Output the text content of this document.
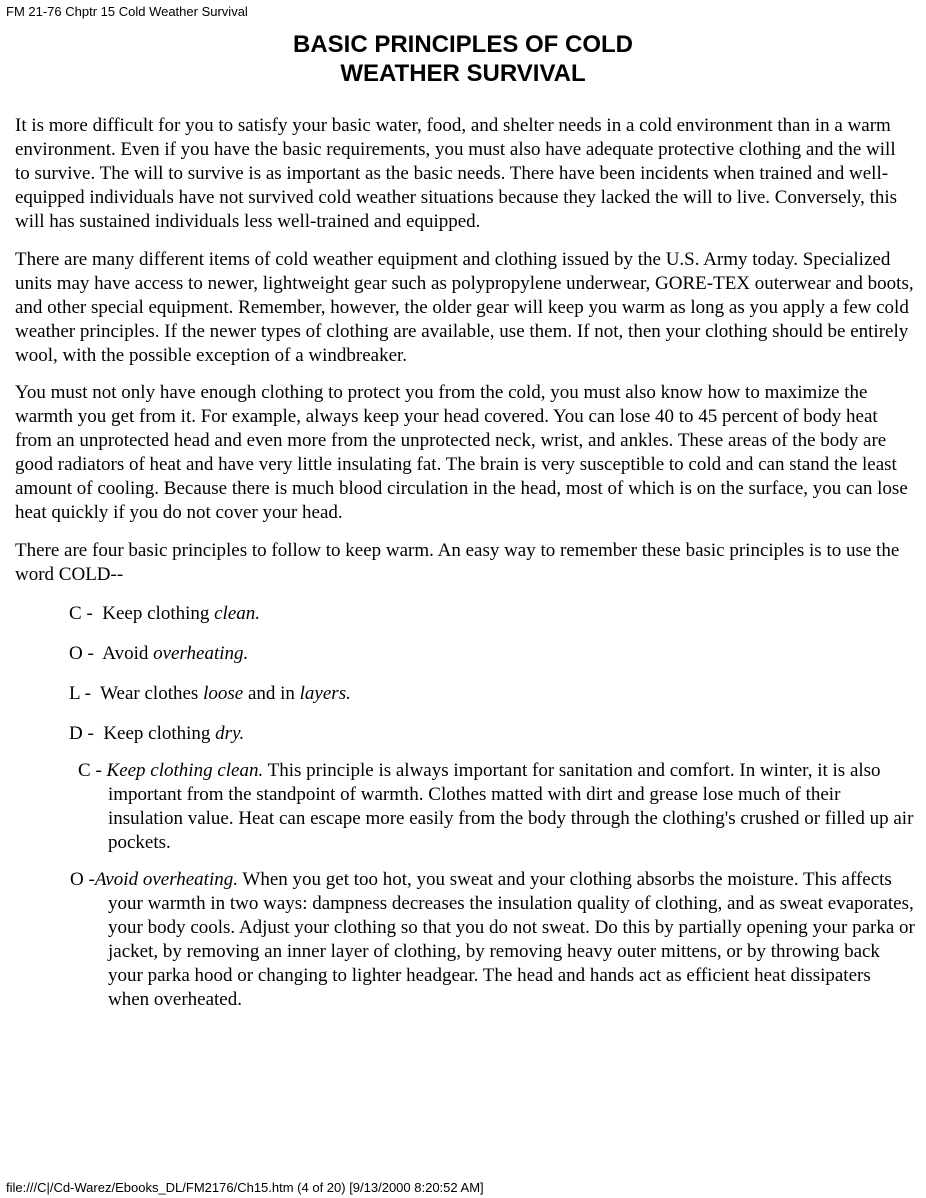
FM 21-76 Chptr 15 Cold Weather Survival
BASIC PRINCIPLES OF COLD
WEATHER SURVIVAL

It is more difficult for you to satisfy your basic water, food, and shelter needs in a cold environment than in a warm environment. Even if you have the basic requirements, you must also have adequate protective clothing and the will to survive. The will to survive is as important as the basic needs. There have been incidents when trained and well-equipped individuals have not survived cold weather situations because they lacked the will to live. Conversely, this will has sustained individuals less well-trained and equipped.

There are many different items of cold weather equipment and clothing issued by the U.S. Army today. Specialized units may have access to newer, lightweight gear such as polypropylene underwear, GORE-TEX outerwear and boots, and other special equipment. Remember, however, the older gear will keep you warm as long as you apply a few cold weather principles. If the newer types of clothing are available, use them. If not, then your clothing should be entirely wool, with the possible exception of a windbreaker.

You must not only have enough clothing to protect you from the cold, you must also know how to maximize the warmth you get from it. For example, always keep your head covered. You can lose 40 to 45 percent of body heat from an unprotected head and even more from the unprotected neck, wrist, and ankles. These areas of the body are good radiators of heat and have very little insulating fat. The brain is very susceptible to cold and can stand the least amount of cooling. Because there is much blood circulation in the head, most of which is on the surface, you can lose heat quickly if you do not cover your head.

There are four basic principles to follow to keep warm. An easy way to remember these basic principles is to use the word COLD--

C -  Keep clothing clean.
O -  Avoid overheating.
L -  Wear clothes loose and in layers.
D -  Keep clothing dry.

C - Keep clothing clean. This principle is always important for sanitation and comfort. In winter, it is also important from the standpoint of warmth. Clothes matted with dirt and grease lose much of their insulation value. Heat can escape more easily from the body through the clothing's crushed or filled up air pockets.

O -Avoid overheating. When you get too hot, you sweat and your clothing absorbs the moisture. This affects your warmth in two ways: dampness decreases the insulation quality of clothing, and as sweat evaporates, your body cools. Adjust your clothing so that you do not sweat. Do this by partially opening your parka or jacket, by removing an inner layer of clothing, by removing heavy outer mittens, or by throwing back your parka hood or changing to lighter headgear. The head and hands act as efficient heat dissipaters when overheated.

file:///C|/Cd-Warez/Ebooks_DL/FM2176/Ch15.htm (4 of 20) [9/13/2000 8:20:52 AM]
